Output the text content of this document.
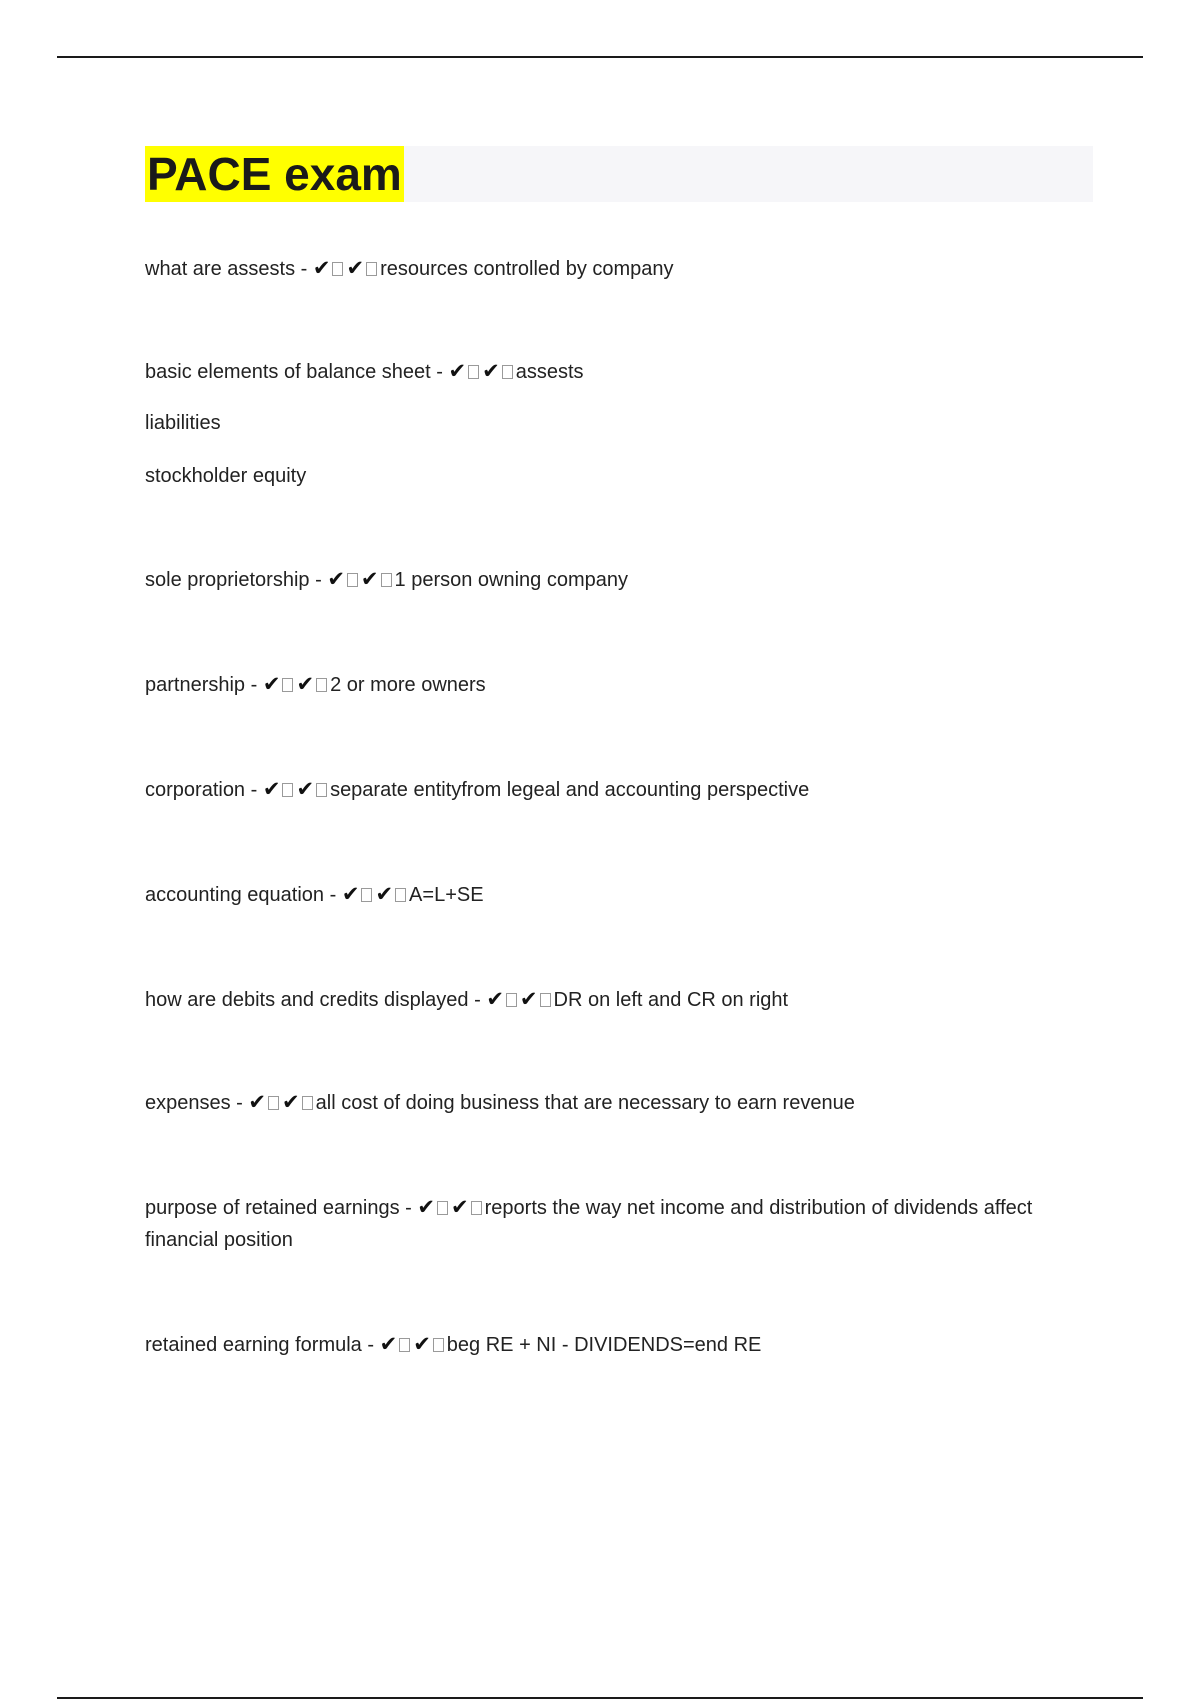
PACE exam
what are assests - ✔ ✔ resources controlled by company
basic elements of balance sheet - ✔ ✔ assests
liabilities
stockholder equity
sole proprietorship - ✔ ✔ 1 person owning company
partnership - ✔ ✔ 2 or more owners
corporation - ✔ ✔ separate entityfrom legeal and accounting perspective
accounting equation - ✔ ✔ A=L+SE
how are debits and credits displayed - ✔ ✔ DR on left and CR on right
expenses - ✔ ✔ all cost of doing business that are necessary to earn revenue
purpose of retained earnings - ✔ ✔ reports the way net income and distribution of dividends affect financial position
retained earning formula - ✔ ✔ beg RE + NI - DIVIDENDS=end RE
